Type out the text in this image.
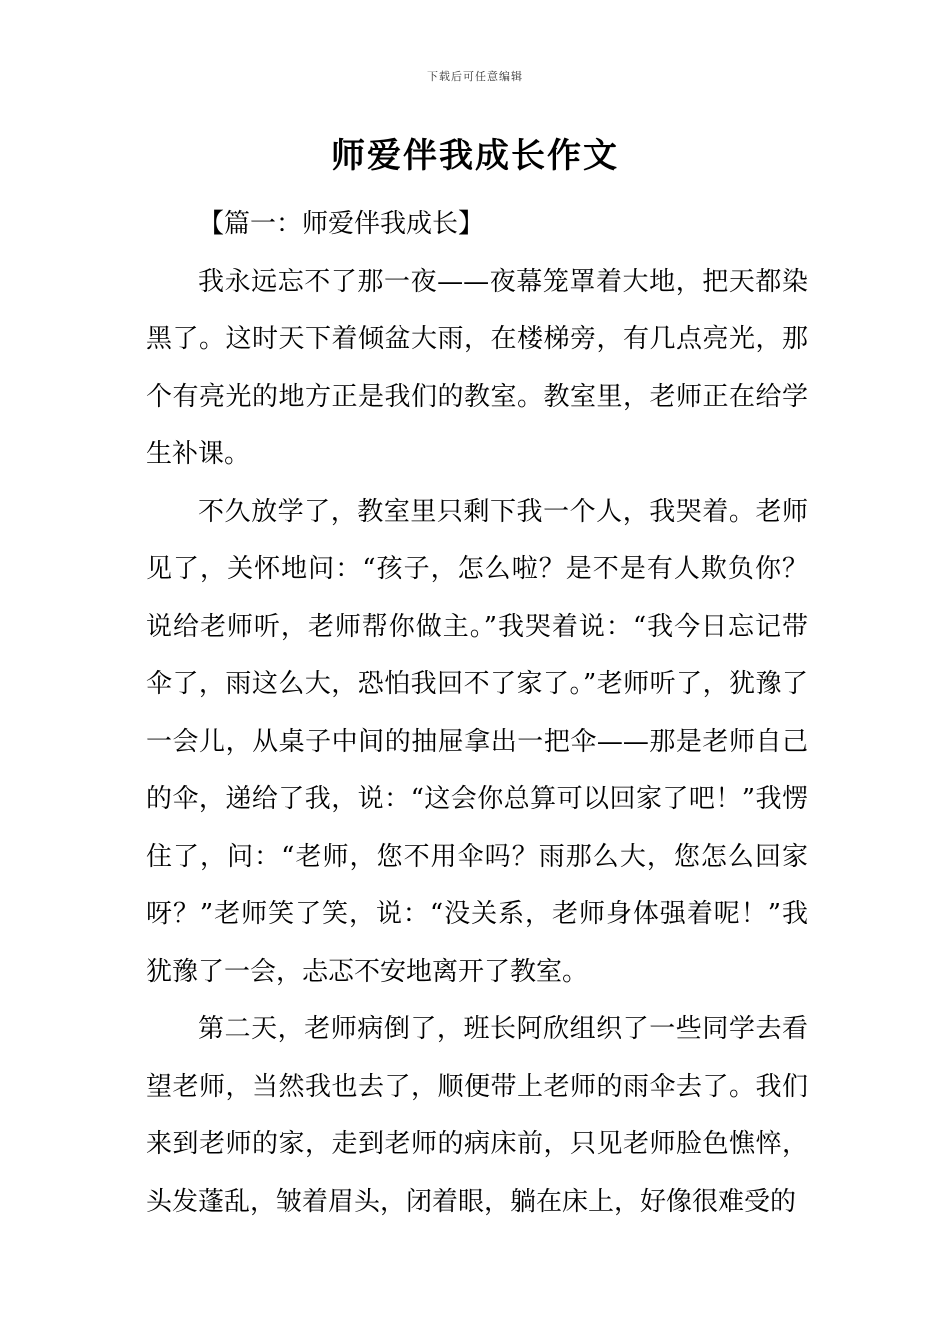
下载后可任意编辑
师爱伴我成长作文
【篇一：师爱伴我成长】

我永远忘不了那一夜——夜幕笼罩着大地，把天都染黑了。这时天下着倾盆大雨，在楼梯旁，有几点亮光，那个有亮光的地方正是我们的教室。教室里，老师正在给学生补课。

不久放学了，教室里只剩下我一个人，我哭着。老师见了，关怀地问：“孩子，怎么啦？是不是有人欺负你？说给老师听，老师帮你做主。”我哭着说：“我今日忘记带伞了，雨这么大，恐怕我回不了家了。”老师听了，犹豫了一会儿，从桌子中间的抽屉拿出一把伞——那是老师自己的伞，递给了我，说：“这会你总算可以回家了吧！”我愣住了，问：“老师，您不用伞吗？雨那么大，您怎么回家呀？”老师笑了笑，说：“没关系，老师身体强着呢！”我犹豫了一会，忐忑不安地离开了教室。

第二天，老师病倒了，班长阿欣组织了一些同学去看望老师，当然我也去了，顺便带上老师的雨伞去了。我们来到老师的家，走到老师的病床前，只见老师脸色憔悴，头发蓬乱，皱着眉头，闭着眼，躺在床上，好像很难受的
